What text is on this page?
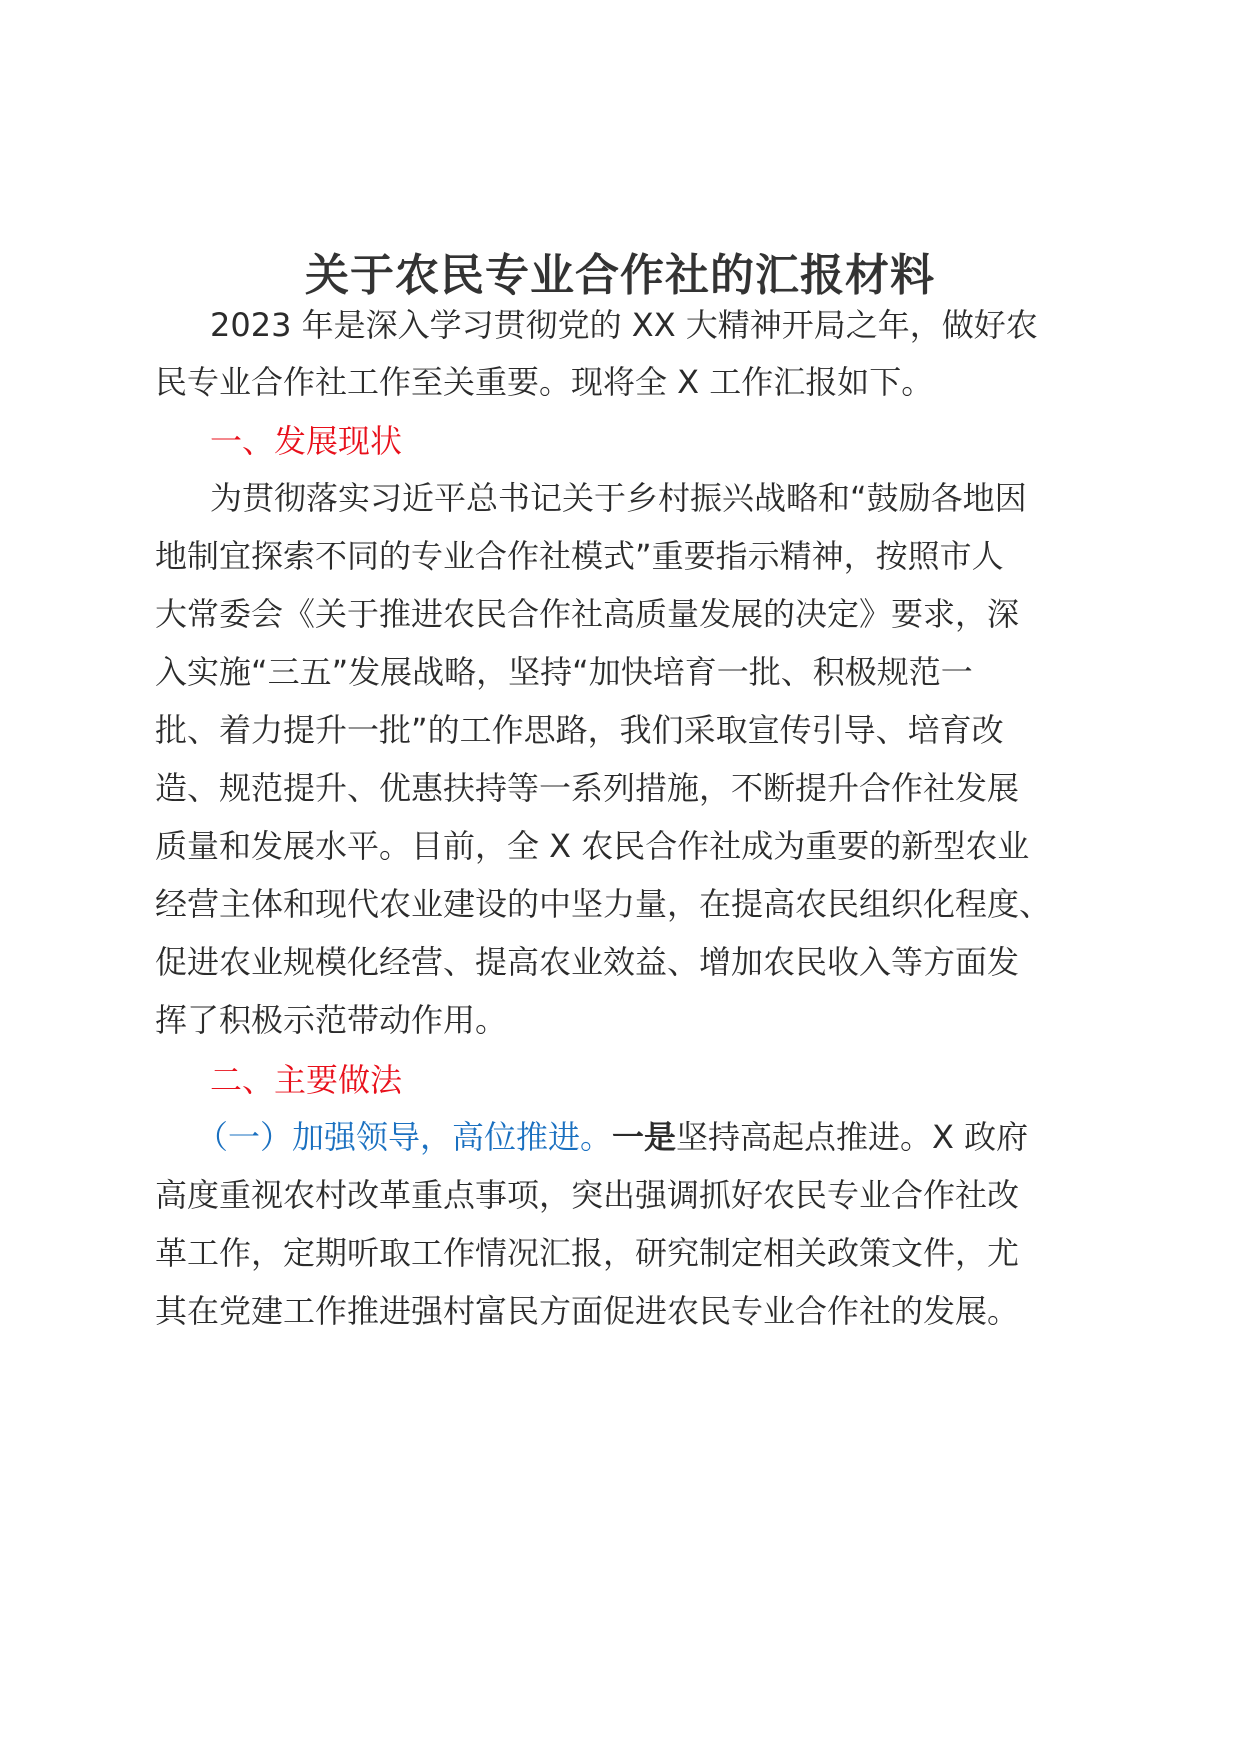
关于农民专业合作社的汇报材料
2023 年是深入学习贯彻党的 XX 大精神开局之年，做好农
民专业合作社工作至关重要。现将全 X 工作汇报如下。
一、发展现状
为贯彻落实习近平总书记关于乡村振兴战略和“鼓励各地因
地制宜探索不同的专业合作社模式”重要指示精神，按照市人
大常委会《关于推进农民合作社高质量发展的决定》要求，深
入实施“三五”发展战略，坚持“加快培育一批、积极规范一
批、着力提升一批”的工作思路，我们采取宣传引导、培育改
造、规范提升、优惠扶持等一系列措施，不断提升合作社发展
质量和发展水平。目前，全 X 农民合作社成为重要的新型农业
经营主体和现代农业建设的中坚力量，在提高农民组织化程度、
促进农业规模化经营、提高农业效益、增加农民收入等方面发
挥了积极示范带动作用。
二、主要做法
（一）加强领导，高位推进。一是坚持高起点推进。X 政府
高度重视农村改革重点事项，突出强调抓好农民专业合作社改
革工作，定期听取工作情况汇报，研究制定相关政策文件，尤
其在党建工作推进强村富民方面促进农民专业合作社的发展。
